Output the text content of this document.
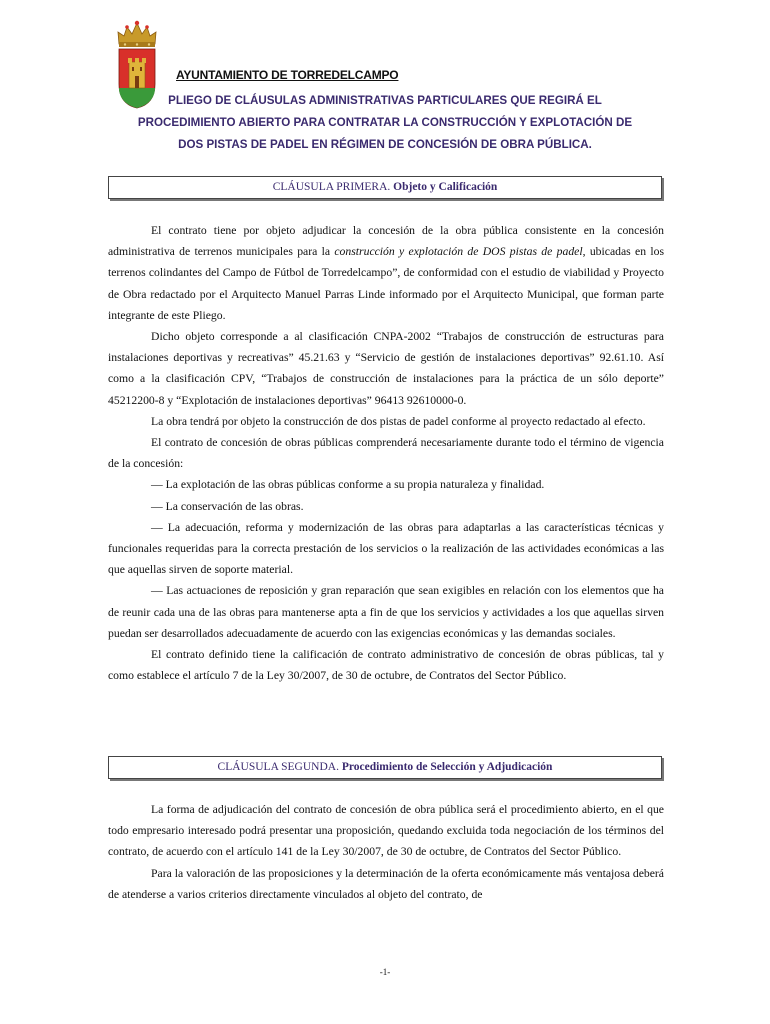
AYUNTAMIENTO DE TORREDELCAMPO
PLIEGO DE CLÁUSULAS ADMINISTRATIVAS PARTICULARES QUE REGIRÁ EL
PROCEDIMIENTO ABIERTO PARA CONTRATAR LA CONSTRUCCIÓN Y EXPLOTACIÓN DE
DOS PISTAS DE PADEL EN RÉGIMEN DE CONCESIÓN DE OBRA PÚBLICA.
CLÁUSULA PRIMERA. Objeto y Calificación

El contrato tiene por objeto adjudicar la concesión de la obra pública consistente en la concesión administrativa de terrenos municipales para la construcción y explotación de DOS pistas de padel, ubicadas en los terrenos colindantes del Campo de Fútbol de Torredelcampo”, de conformidad con el estudio de viabilidad y Proyecto de Obra redactado por el Arquitecto Manuel Parras Linde informado por el Arquitecto Municipal, que forman parte integrante de este Pliego.

Dicho objeto corresponde a al clasificación CNPA-2002 “Trabajos de construcción de estructuras para instalaciones deportivas y recreativas” 45.21.63 y “Servicio de gestión de instalaciones deportivas” 92.61.10. Así como a la clasificación CPV, “Trabajos de construcción de instalaciones para la práctica de un sólo deporte” 45212200-8 y “Explotación de instalaciones deportivas” 96413 92610000-0.

La obra tendrá por objeto la construcción de dos pistas de padel conforme al proyecto redactado al efecto.

El contrato de concesión de obras públicas comprenderá necesariamente durante todo el término de vigencia de la concesión:

— La explotación de las obras públicas conforme a su propia naturaleza y finalidad.

— La conservación de las obras.

— La adecuación, reforma y modernización de las obras para adaptarlas a las características técnicas y funcionales requeridas para la correcta prestación de los servicios o la realización de las actividades económicas a las que aquellas sirven de soporte material.

— Las actuaciones de reposición y gran reparación que sean exigibles en relación con los elementos que ha de reunir cada una de las obras para mantenerse apta a fin de que los servicios y actividades a los que aquellas sirven puedan ser desarrollados adecuadamente de acuerdo con las exigencias económicas y las demandas sociales.

El contrato definido tiene la calificación de contrato administrativo de concesión de obras públicas, tal y como establece el artículo 7 de la Ley 30/2007, de 30 de octubre, de Contratos del Sector Público.

CLÁUSULA SEGUNDA. Procedimiento de Selección y Adjudicación

La forma de adjudicación del contrato de concesión de obra pública será el procedimiento abierto, en el que todo empresario interesado podrá presentar una proposición, quedando excluida toda negociación de los términos del contrato, de acuerdo con el artículo 141 de la Ley 30/2007, de 30 de octubre, de Contratos del Sector Público.

Para la valoración de las proposiciones y la determinación de la oferta económicamente más ventajosa deberá de atenderse a varios criterios directamente vinculados al objeto del contrato, de

-1-
